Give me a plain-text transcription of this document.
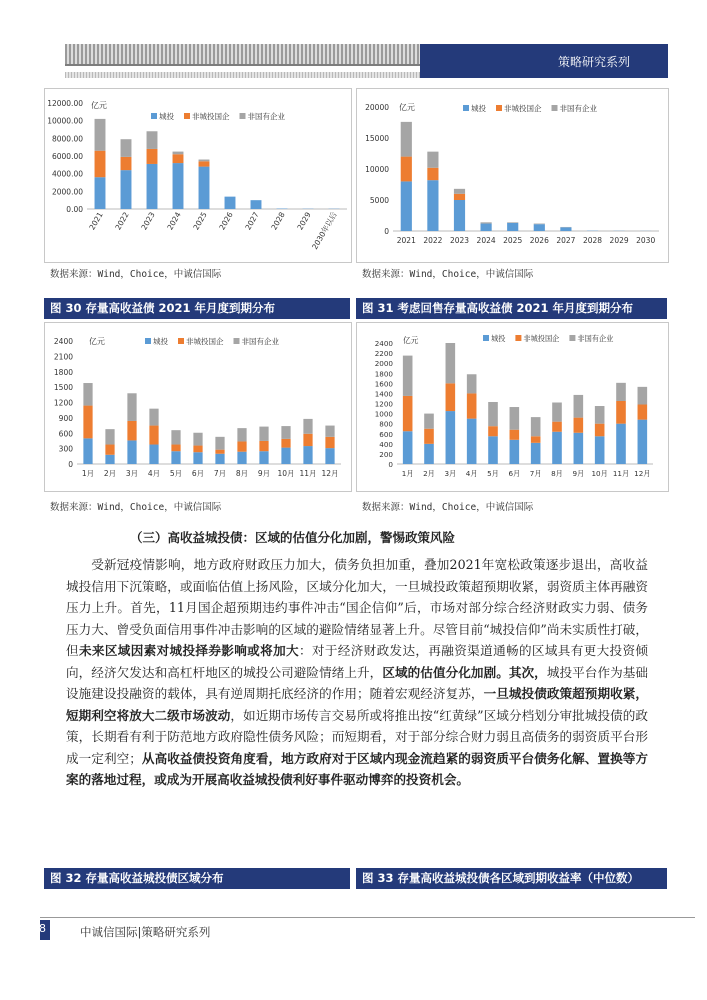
策略研究系列
0.00
2000.00
4000.00
6000.00
8000.00
10000.00
12000.00 亿元
城投 非城投国企 非国有企业
2021 2022 2023 2024 2025 2026 2027 2028 2029
2030年以后	0
5000
10000
15000
20000 亿元	城投 非城投国企 非国有企业
2021 2022 2023 2024 2025 2026 2027 2028 2029 2030
数据来源：Wind，Choice，中诚信国际	数据来源：Wind，Choice，中诚信国际
图 30 存量高收益债 2021 年月度到期分布	图 31 考虑回售存量高收益债 2021 年月度到期分布
0
300
600
900
1200
1500
1800
2100
2400 亿元	城投 非城投国企 非国有企业
1月 2月 3月 4月 5月 6月 7月 8月 9月 10月 11月 12月
0
200
400
600
800
1000
1200
1400
1600
1800
2000
2200
2400 亿元	城投	非城投国企	非国有企业
1月 2月 3月 4月 5月 6月 7月 8月 9月 10月 11月 12月
数据来源：Wind，Choice，中诚信国际	数据来源：Wind，Choice，中诚信国际
（三）高收益城投债：区域的估值分化加剧，警惕政策风险

受新冠疫情影响，地方政府财政压力加大，债务负担加重，叠加2021年宽松政策逐步退出，高收益城投信用下沉策略，或面临估值上扬风险，区域分化加大，一旦城投政策超预期收紧，弱资质主体再融资压力上升。首先，11月国企超预期违约事件冲击“国企信仰”后，市场对部分综合经济财政实力弱、债务压力大、曾受负面信用事件冲击影响的区域的避险情绪显著上升。尽管目前“城投信仰”尚未实质性打破，但未来区域因素对城投择券影响或将加大：对于经济财政发达，再融资渠道通畅的区域具有更大投资倾向，经济欠发达和高杠杆地区的城投公司避险情绪上升，区域的估值分化加剧。其次，城投平台作为基础设施建设投融资的载体，具有逆周期托底经济的作用；随着宏观经济复苏，一旦城投债政策超预期收紧，短期利空将放大二级市场波动，如近期市场传言交易所或将推出按“红黄绿”区域分档划分审批城投债的政策，长期看有利于防范地方政府隐性债务风险；而短期看，对于部分综合财力弱且高债务的弱资质平台形成一定利空；从高收益债投资角度看，地方政府对于区域内现金流趋紧的弱资质平台债务化解、置换等方案的落地过程，或成为开展高收益城投债利好事件驱动博弈的投资机会。

图 32 存量高收益城投债区域分布	图 33 存量高收益城投债各区域到期收益率（中位数）
8	中诚信国际|策略研究系列
